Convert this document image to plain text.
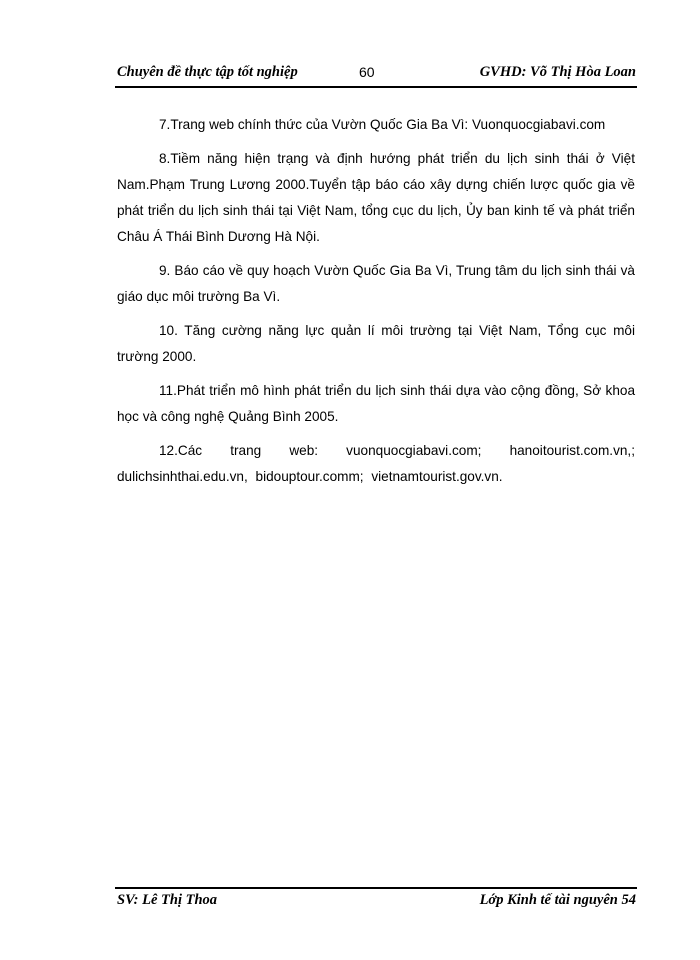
Chuyên đề thực tập tốt nghiệp	60	GVHD: Võ Thị Hòa Loan

7.Trang web chính thức của Vườn Quốc Gia Ba Vì: Vuonquocgiabavi.com

8.Tiềm năng hiện trạng và định hướng phát triển du lịch sinh thái ở Việt Nam.Phạm Trung Lương 2000.Tuyển tập báo cáo xây dựng chiến lược quốc gia về phát triển du lịch sinh thái tại Việt Nam, tổng cục du lịch, Ủy ban kinh tế và phát triển Châu Á Thái Bình Dương Hà Nội.

9. Báo cáo về quy hoạch Vườn Quốc Gia Ba Vì, Trung tâm du lịch sinh thái và giáo dục môi trường Ba Vì.

10. Tăng cường năng lực quản lí môi trường tại Việt Nam, Tổng cục môi trường 2000.

11.Phát triển mô hình phát triển du lịch sinh thái dựa vào cộng đồng, Sở khoa học và công nghệ Quảng Bình 2005.

12.Các trang web: vuonquocgiabavi.com; hanoitourist.com.vn,;
dulichsinhthai.edu.vn, bidouptour.comm; vietnamtourist.gov.vn.

SV: Lê Thị Thoa	Lớp Kinh tế tài nguyên 54
